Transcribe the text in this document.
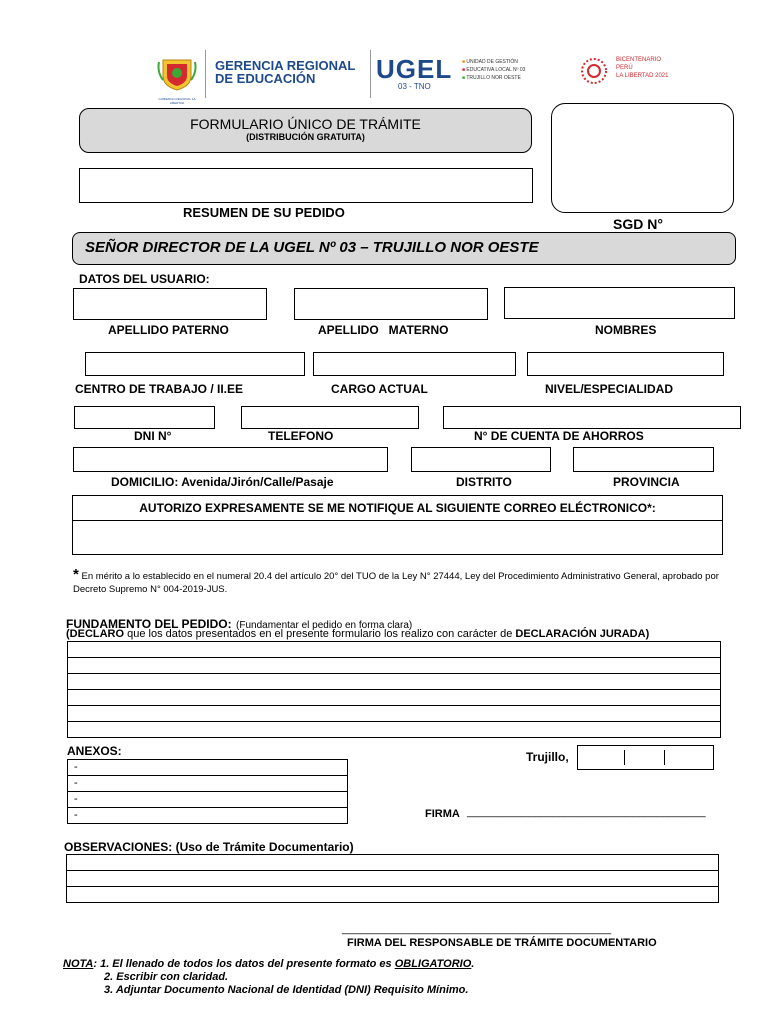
GOBIERNO REGIONAL LA LIBERTAD
GERENCIA REGIONAL
DE EDUCACIÓN	UGEL
03 - TNO
■ UNIDAD DE GESTIÓN
■ EDUCATIVA LOCAL Nº 03
■ TRUJILLO NOR OESTE
BICENTENARIO
PERÚ
LA LIBERTAD 2021
FORMULARIO ÚNICO DE TRÁMITE
(DISTRIBUCIÓN GRATUITA)
RESUMEN DE SU PEDIDO
SGD N°
SEÑOR DIRECTOR DE LA UGEL Nº 03 – TRUJILLO NOR OESTE
DATOS DEL USUARIO:
APELLIDO PATERNO	APELLIDO   MATERNO	NOMBRES
CENTRO DE TRABAJO / II.EE	CARGO ACTUAL	NIVEL/ESPECIALIDAD
DNI N°	TELEFONO	N° DE CUENTA DE AHORROS
DOMICILIO: Avenida/Jirón/Calle/Pasaje	DISTRITO	PROVINCIA
AUTORIZO EXPRESAMENTE SE ME NOTIFIQUE AL SIGUIENTE CORREO ELÉCTRONICO*:
* En mérito a lo establecido en el numeral 20.4 del artículo 20° del TUO de la Ley N° 27444, Ley del Procedimiento Administrativo General, aprobado por
Decreto Supremo N° 004-2019-JUS.
FUNDAMENTO DEL PEDIDO: (Fundamentar el pedido en forma clara)
(DECLARO que los datos presentados en el presente formulario los realizo con carácter de DECLARACIÓN JURADA)
ANEXOS:
-
-
-
-
Trujillo,
FIRMA _______________________________________
OBSERVACIONES: (Uso de Trámite Documentario)
____________________________________________
FIRMA DEL RESPONSABLE DE TRÁMITE DOCUMENTARIO
NOTA: 1. El llenado de todos los datos del presente formato es OBLIGATORIO.
2. Escribir con claridad.
3. Adjuntar Documento Nacional de Identidad (DNI) Requisito Mínimo.
